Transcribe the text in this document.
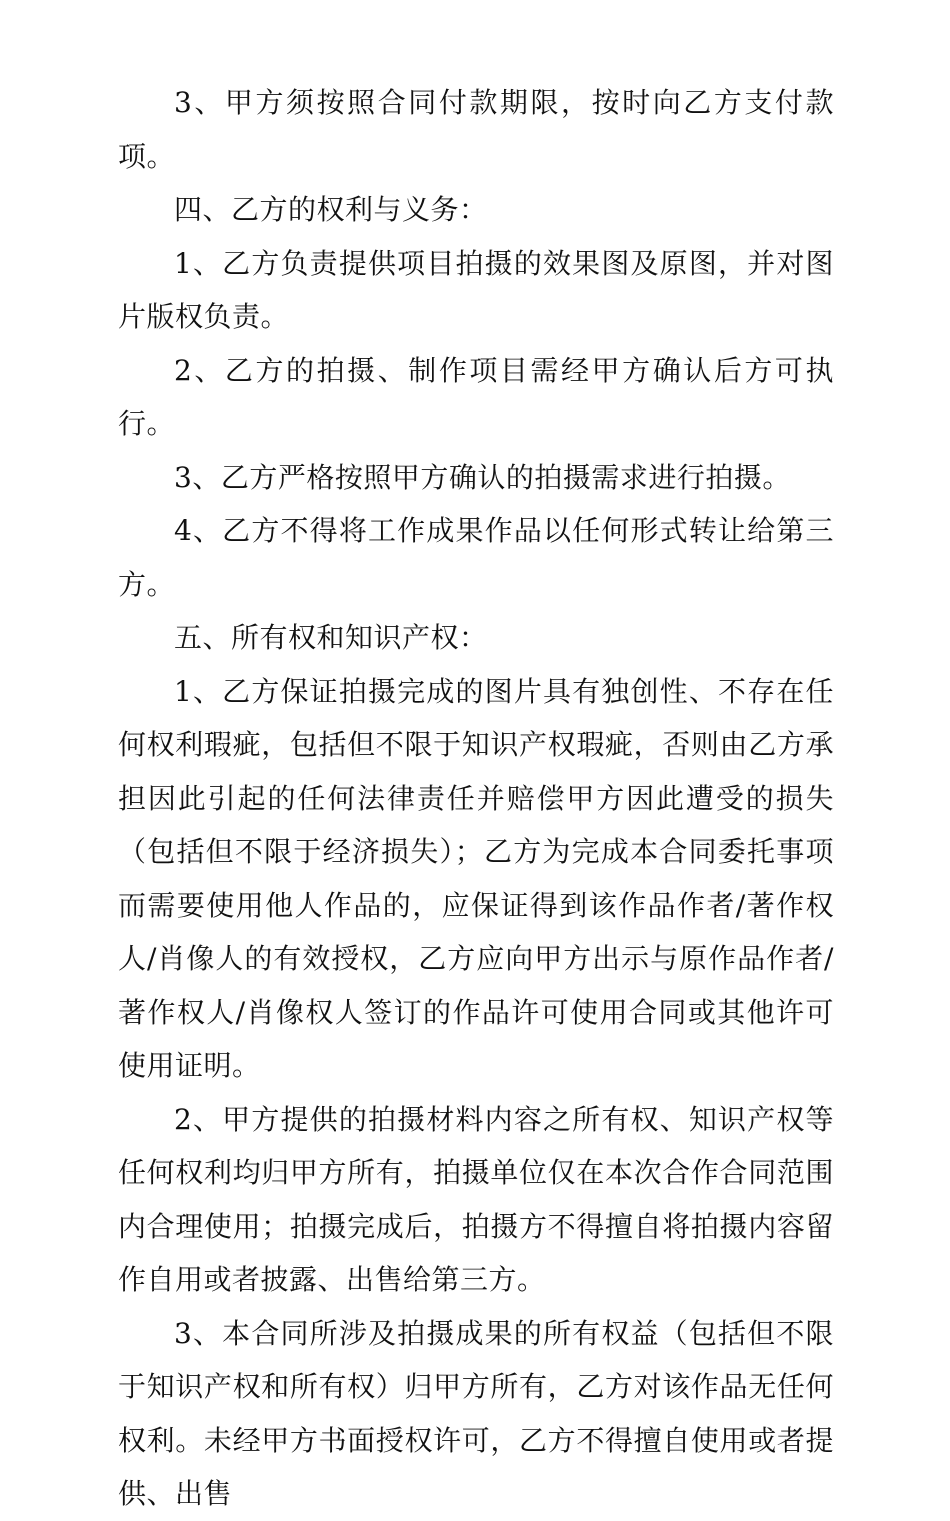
3、甲方须按照合同付款期限，按时向乙方支付款项。

四、乙方的权利与义务：

1、乙方负责提供项目拍摄的效果图及原图，并对图片版权负责。

2、乙方的拍摄、制作项目需经甲方确认后方可执行。

3、乙方严格按照甲方确认的拍摄需求进行拍摄。

4、乙方不得将工作成果作品以任何形式转让给第三方。

五、所有权和知识产权：

1、乙方保证拍摄完成的图片具有独创性、不存在任何权利瑕疵，包括但不限于知识产权瑕疵，否则由乙方承担因此引起的任何法律责任并赔偿甲方因此遭受的损失（包括但不限于经济损失）；乙方为完成本合同委托事项而需要使用他人作品的，应保证得到该作品作者/著作权人/肖像人的有效授权，乙方应向甲方出示与原作品作者/著作权人/肖像权人签订的作品许可使用合同或其他许可使用证明。

2、甲方提供的拍摄材料内容之所有权、知识产权等任何权利均归甲方所有，拍摄单位仅在本次合作合同范围内合理使用；拍摄完成后，拍摄方不得擅自将拍摄内容留作自用或者披露、出售给第三方。

3、本合同所涉及拍摄成果的所有权益（包括但不限于知识产权和所有权）归甲方所有，乙方对该作品无任何权利。未经甲方书面授权许可，乙方不得擅自使用或者提供、出售
